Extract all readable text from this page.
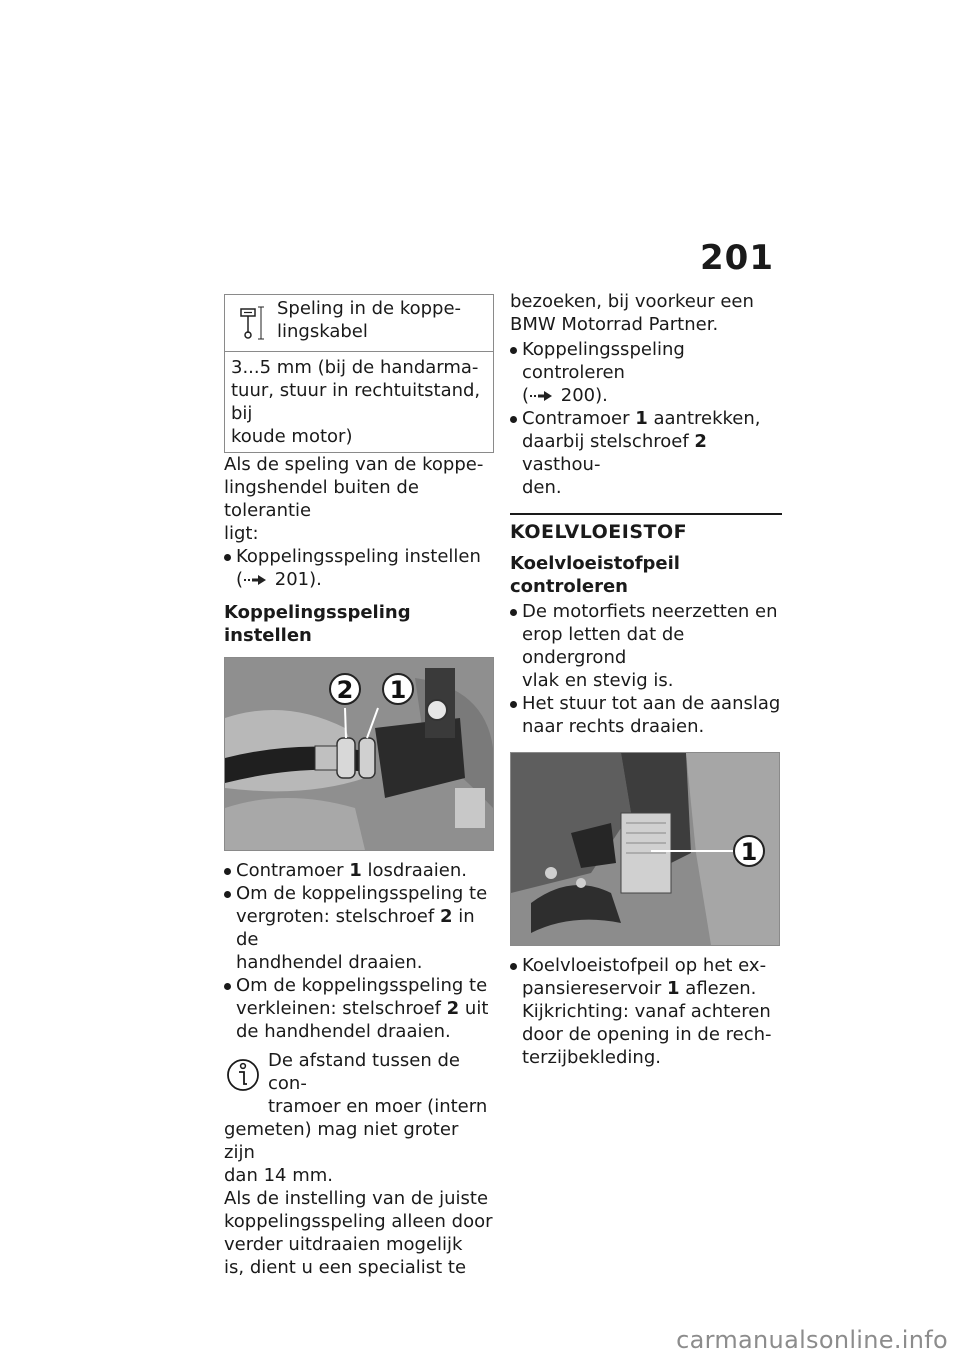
201

Speling in de koppe-

lingskabel

3...5 mm (bij de handarma-

tuur, stuur in rechtuitstand, bij

koude motor)

Als de speling van de koppe-

lingshendel buiten de tolerantie

ligt:

Koppelingsspeling instellen
( 201).

Koppelingsspeling instellen

2 1
Contramoer 1 losdraaien.
Om de koppelingsspeling te
vergroten: stelschroef 2 in de
handhendel draaien.
Om de koppelingsspeling te
verkleinen: stelschroef 2 uit
de handhendel draaien.

De afstand tussen de con-

tramoer en moer (intern

gemeten) mag niet groter zijn

dan 14 mm.

Als de instelling van de juiste

koppelingsspeling alleen door

verder uitdraaien mogelijk

is, dient u een specialist te

bezoeken, bij voorkeur een

BMW Motorrad Partner.

Koppelingsspeling controleren
( 200).
Contramoer 1 aantrekken,
daarbij stelschroef 2 vasthou-
den.
KOELVLOEISTOF

Koelvloeistofpeil controleren

De motorfiets neerzetten en
erop letten dat de ondergrond
vlak en stevig is.
Het stuur tot aan de aanslag
naar rechts draaien.
1
Koelvloeistofpeil op het ex-
pansiereservoir 1 aflezen.
Kijkrichting: vanaf achteren
door de opening in de rech-
terzijbekleding.
carmanualsonline.info
